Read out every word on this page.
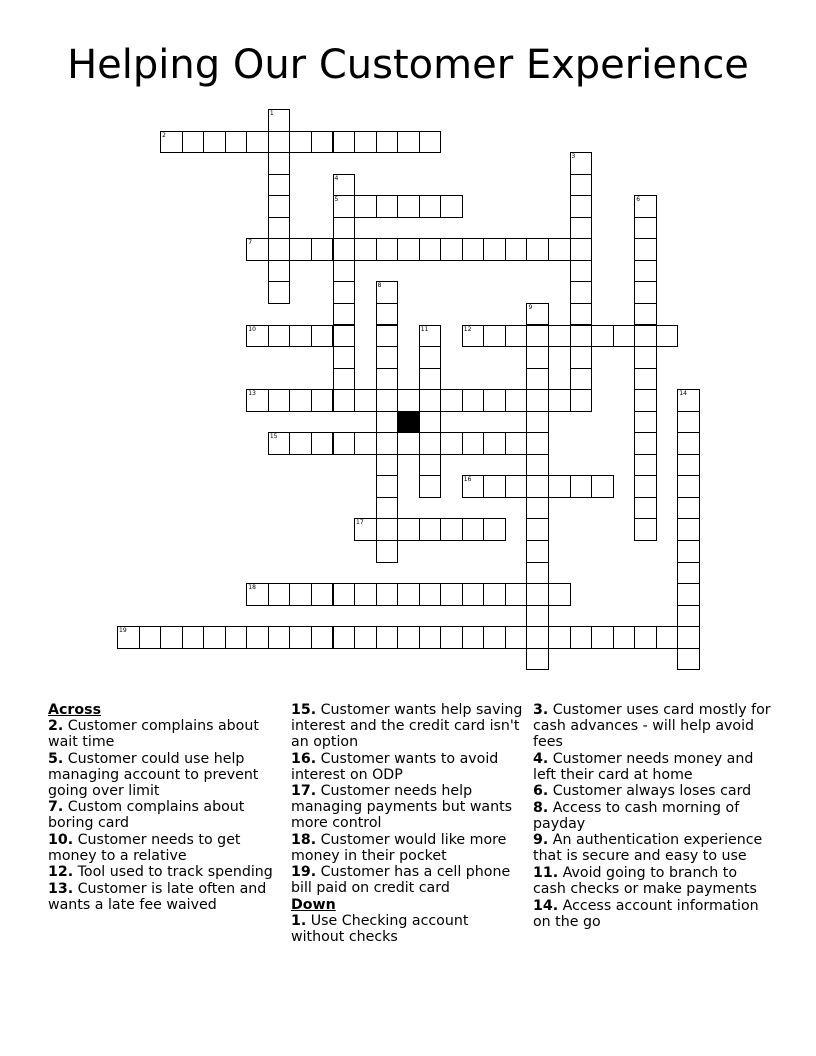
Helping Our Customer Experience
1
2
3
4
5	6
7
8
9
10	11	12
13	14
15
16
17
18
19
Across
2. Customer complains about wait time
5. Customer could use help managing account to prevent going over limit
7. Custom complains about boring card
10. Customer needs to get money to a relative
12. Tool used to track spending
13. Customer is late often and wants a late fee waived
15. Customer wants help saving interest and the credit card isn't an option
16. Customer wants to avoid interest on ODP
17. Customer needs help managing payments but wants more control
18. Customer would like more money in their pocket
19. Customer has a cell phone bill paid on credit card
Down
1. Use Checking account without checks
3. Customer uses card mostly for cash advances - will help avoid fees
4. Customer needs money and left their card at home
6. Customer always loses card
8. Access to cash morning of payday
9. An authentication experience that is secure and easy to use
11. Avoid going to branch to cash checks or make payments
14. Access account information on the go
